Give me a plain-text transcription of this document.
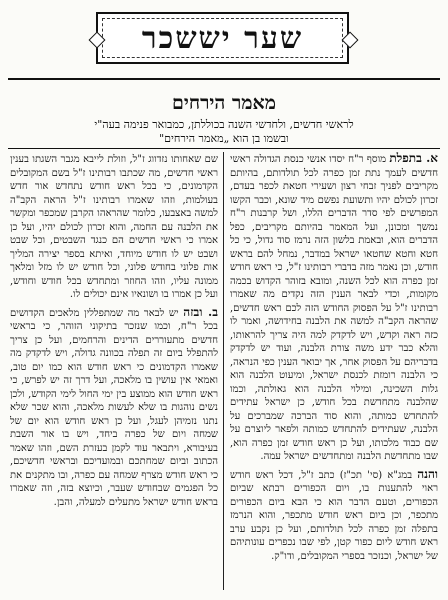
שער יששכר
מאמר הירחים
לראשי חדשים, ולחדשי השנה בכוללתן, כמבואר פנימה בעה"י
ובשמו בן הוא „מאמר הירחים"

א. בתפלת מוסף ר"ח יסדו אנשי כנסת הגדולה ראשי חדשים לעמך נתת זמן כפרה לכל תולדותם, בהיותם מקריבים לפניך זבחי רצון ושעירי חטאת לכפר בעדם, זכרון לכולם יהיו ותשועת נפשם מיד שונא, וכבר הקשו המפרשים לפי סדר הדברים הללו, ושל קרבנות ר"ח נמשך ומכונן, ועל המאמר בהיותם מקריבים, כפל הדברים הוא, ובאמת בלשון הזה נרמז סוד גדול, כי כל חטא וחטא שחטאו ישראל במדבר, נמחל להם בראש חודש, וכן נאמר מזה בדברי רבותינו ז"ל, כי ראש חודש זמן כפרה הוא לכל השנה, ומובא בזוהר הקדוש בכמה מקומות, וכדי לבאר הענין הזה נקדים מה שאמרו רבותינו ז"ל על הפסוק החודש הזה לכם ראש חדשים, שהראה הקב"ה למשה את הלבנה בחידושה, ואמר לו כזה ראה וקדש, ויש לדקדק למה היה צריך להראותו, והלא כבר ידע משה צורת הלבנה, ועוד יש לדקדק בדבריהם על הפסוק אחר, אך יבואר הענין כפי הנראה, כי הלבנה רומזת לכנסת ישראל, ומיעוט הלבנה הוא גלות השכינה, ומילוי הלבנה הוא גאולתה, וכמו שהלבנה מתחדשת בכל חודש, כן ישראל עתידים להתחדש כמותה, והוא סוד הברכה שמברכים על הלבנה, שעתידים להתחדש כמותה ולפאר ליוצרם על שם כבוד מלכותו, ועל כן ראש חודש זמן כפרה הוא, שבו מתחדשת הלבנה ומתחדשים ישראל עמה.

והנה במג"א (סי' תכ"ז) כתב ז"ל, דכל ראש חודש ראוי להתענות בו, ויום הכפורים רבתא שביום הכפורים, וטעם הדבר הוא כי הבא ביום הכפורים מתכפר, וכן ביום ראש חודש מתכפר, והוא הנרמז בתפלה זמן כפרה לכל תולדותם, ועל כן נקבע ערב ראש חודש ליום כפור קטן, לפי שבו נכפרים עונותיהם של ישראל, וכנזכר בספרי המקובלים, ודו"ק.

שם שאחותו נזדווג ז"ל, וזולת לייבא מגבר השגתו בענין ראשי חדשים, מה שכתבו רבותינו ז"ל בשם המקובלים הקדמונים, כי בכל ראש חודש נתחדש אור חדש בעולמות, וזהו שאמרו רבותינו ז"ל הראה הקב"ה למשה באצבעו, כלומר שהראהו הקרבן שמכפר ומקשר את הלבנה עם החמה, והוא זכרון לכולם יהיו, ועל כן אמרו כי ראשי חדשים הם כנגד השבטים, וכל שבט ושבט יש לו חודש מיוחד, ואיתא בספר יצירה המליך אות פלוני בחודש פלוני, וכל חודש יש לו מזל ומלאך ממונה עליו, וזהו החוזר ומתחדש בכל חודש וחודש, ועל כן אמרו בו ושונאיו אינם יכולים לו.

ב. ובזה יש לבאר מה שמתפללין מלאכים הקדושים בכל ר"ח, וכמו שנזכר בתיקוני הזוהר, כי בראשי חדשים מתעוררים הדינים והרחמים, ועל כן צריך להתפלל ביום זה תפלה בכוונה גדולה, ויש לדקדק מה שאמרו הקדמונים כי ראש חודש הוא כמו יום טוב, ואמאי אין עושין בו מלאכה, ועל דרך זה יש לפרש, כי ראש חודש הוא ממוצע בין ימי החול לימי הקודש, ולכן נשים נוהגות בו שלא לעשות מלאכה, והוא שכר שלא נתנו נזמיהן לעגל, ועל כן ראש חודש הוא יום של שמחה ויום של כפרה ביחד, ויש בו אור השבת בעיבורא, ויתבאר עוד לקמן בעזרת השם, וזהו שאמר הכתוב וביום שמחתכם ובמועדיכם ובראשי חדשיכם, כי ראש חודש מצרף שמחה עם כפרה, ובו מתקנים את כל הפגמים שבחודש שעבר, וכיוצא בזה, וזה שאמרו בראש חודש ישראל מתעלים למעלה, והבן.
